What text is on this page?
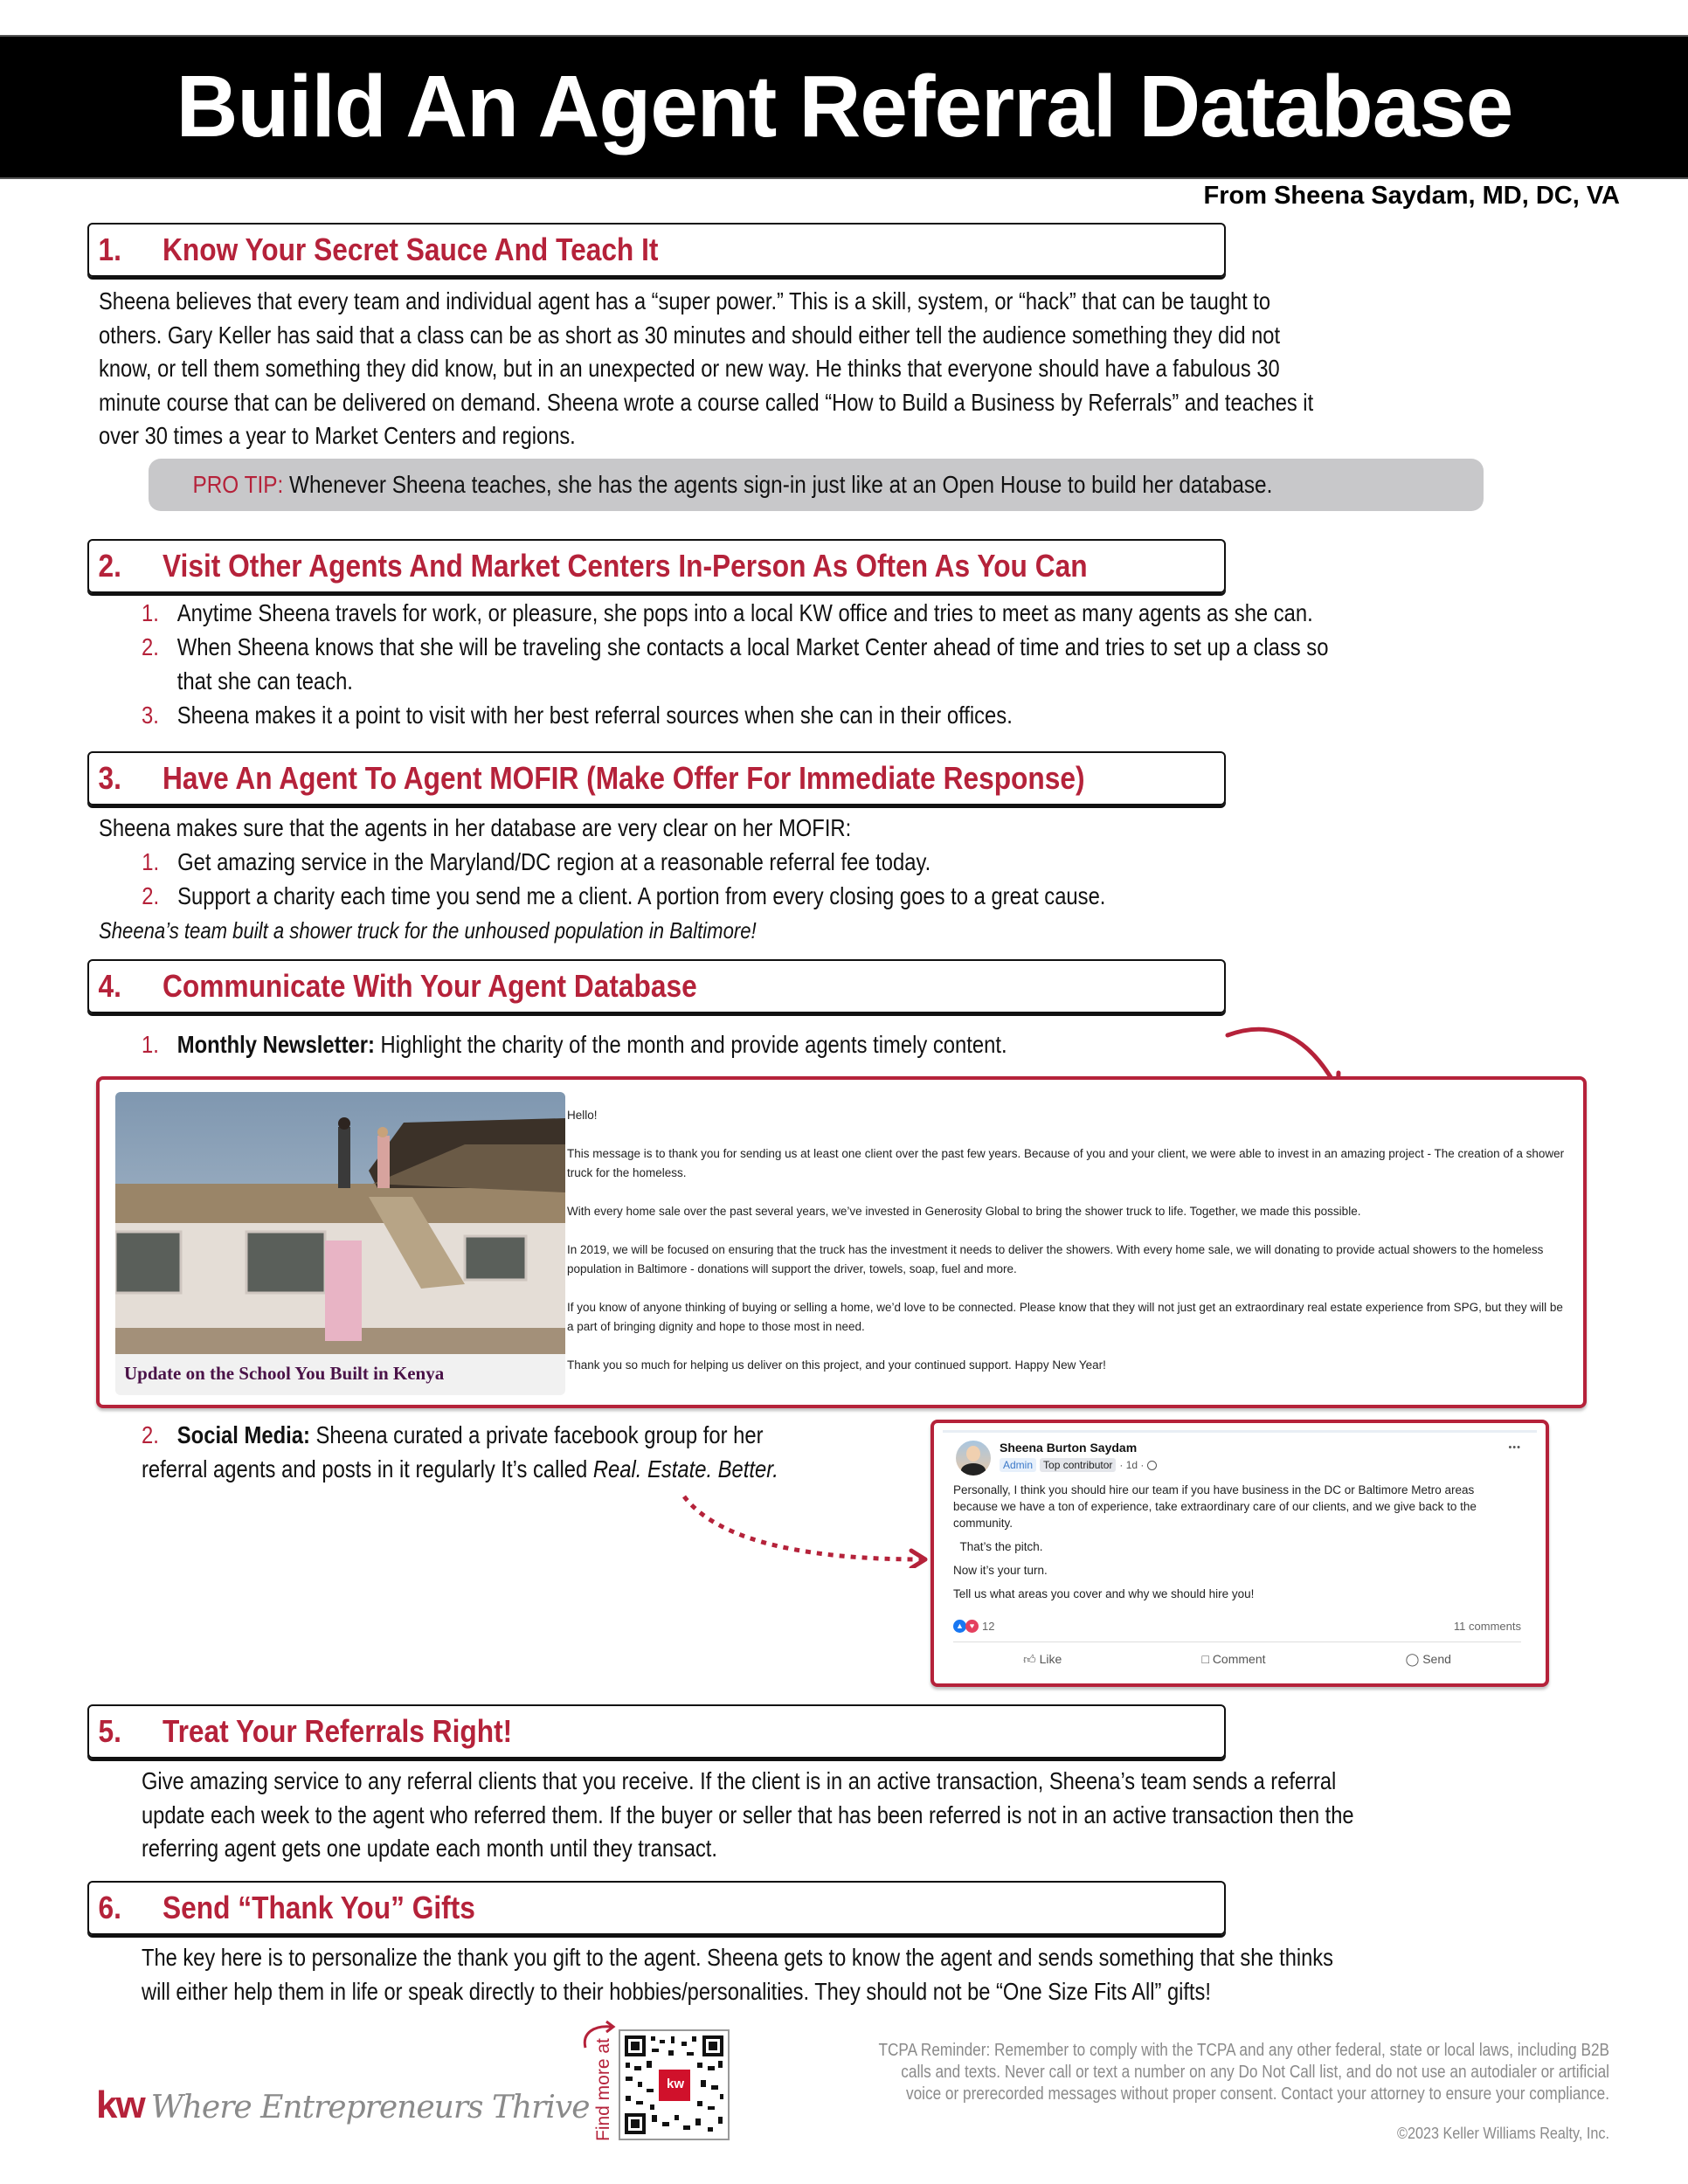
Build An Agent Referral Database
From Sheena Saydam, MD, DC, VA
1.	Know Your Secret Sauce And Teach It
Sheena believes that every team and individual agent has a “super power.” This is a skill, system, or “hack” that can be taught to
others. Gary Keller has said that a class can be as short as 30 minutes and should either tell the audience something they did not
know, or tell them something they did know, but in an unexpected or new way. He thinks that everyone should have a fabulous 30
minute course that can be delivered on demand. Sheena wrote a course called “How to Build a Business by Referrals” and teaches it
over 30 times a year to Market Centers and regions.
PRO TIP: Whenever Sheena teaches, she has the agents sign-in just like at an Open House to build her database.
2.	Visit Other Agents And Market Centers In-Person As Often As You Can
1. Anytime Sheena travels for work, or pleasure, she pops into a local KW office and tries to meet as many agents as she can.
2. When Sheena knows that she will be traveling she contacts a local Market Center ahead of time and tries to set up a class so
that she can teach.
3. Sheena makes it a point to visit with her best referral sources when she can in their offices.
3.	Have An Agent To Agent MOFIR (Make Offer For Immediate Response)
Sheena makes sure that the agents in her database are very clear on her MOFIR:
1. Get amazing service in the Maryland/DC region at a reasonable referral fee today.
2. Support a charity each time you send me a client. A portion from every closing goes to a great cause.
Sheena’s team built a shower truck for the unhoused population in Baltimore!
4.	Communicate With Your Agent Database
1. Monthly Newsletter: Highlight the charity of the month and provide agents timely content.
Update on the School You Built in Kenya

Hello!

This message is to thank you for sending us at least one client over the past few years. Because of you and your client, we were able to invest in an amazing project - The creation of a shower truck for the homeless.

With every home sale over the past several years, we’ve invested in Generosity Global to bring the shower truck to life. Together, we made this possible.

In 2019, we will be focused on ensuring that the truck has the investment it needs to deliver the showers. With every home sale, we will donating to provide actual showers to the homeless population in Baltimore - donations will support the driver, towels, soap, fuel and more.

If you know of anyone thinking of buying or selling a home, we’d love to be connected. Please know that they will not just get an extraordinary real estate experience from SPG, but they will be a part of bringing dignity and hope to those most in need.

Thank you so much for helping us deliver on this project, and your continued support. Happy New Year!

2. Social Media: Sheena curated a private facebook group for her
referral agents and posts in it regularly It’s called Real. Estate. Better.
Sheena Burton Saydam
Admin	Top contributor · 1d ·
•••

Personally, I think you should hire our team if you have business in the DC or Baltimore Metro areas because we have a ton of experience, take extraordinary care of our clients, and we give back to the community.

That’s the pitch.

Now it’s your turn.

Tell us what areas you cover and why we should hire you!

▲ ♥ 12	11 comments
👍︎ Like	□ Comment	◯ Send
5.	Treat Your Referrals Right!
Give amazing service to any referral clients that you receive. If the client is in an active transaction, Sheena’s team sends a referral
update each week to the agent who referred them. If the buyer or seller that has been referred is not in an active transaction then the
referring agent gets one update each month until they transact.
6.	Send “Thank You” Gifts
The key here is to personalize the thank you gift to the agent. Sheena gets to know the agent and sends something that she thinks
will either help them in life or speak directly to their hobbies/personalities. They should not be “One Size Fits All” gifts!
kw Where Entrepreneurs Thrive Find more at	kw
TCPA Reminder: Remember to comply with the TCPA and any other federal, state or local laws, including B2B
calls and texts. Never call or text a number on any Do Not Call list, and do not use an autodialer or artificial
voice or prerecorded messages without proper consent. Contact your attorney to ensure your compliance.
©2023 Keller Williams Realty, Inc.
